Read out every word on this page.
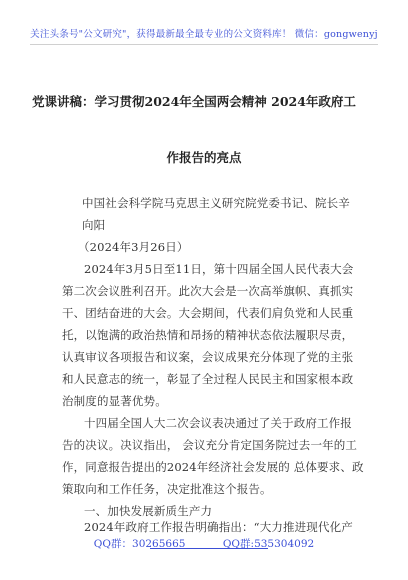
关注头条号"公文研究"，获得最新最全最专业的公文资料库！ 微信：gongwenyj
党课讲稿：学习贯彻2024年全国两会精神 2024年政府工
作报告的亮点
中国社会科学院马克思主义研究院党委书记、院长辛
向阳
（2024年3月26日）
2024年3月5日至11日，第十四届全国人民代表大会
第二次会议胜利召开。此次大会是一次高举旗帜、真抓实
干、团结奋进的大会。大会期间，代表们肩负党和人民重
托，以饱满的政治热情和昂扬的精神状态依法履职尽责，
认真审议各项报告和议案，会议成果充分体现了党的主张
和人民意志的统一，彰显了全过程人民民主和国家根本政
治制度的显著优势。
十四届全国人大二次会议表决通过了关于政府工作报
告的决议。决议指出， 会议充分肯定国务院过去一年的工
作，同意报告提出的2024年经济社会发展的 总体要求、政
策取向和工作任务，决定批准这个报告。
一、加快发展新质生产力
QQ群：30265665	QQ群:535304092
2024年政府工作报告明确指出：“大力推进现代化产
